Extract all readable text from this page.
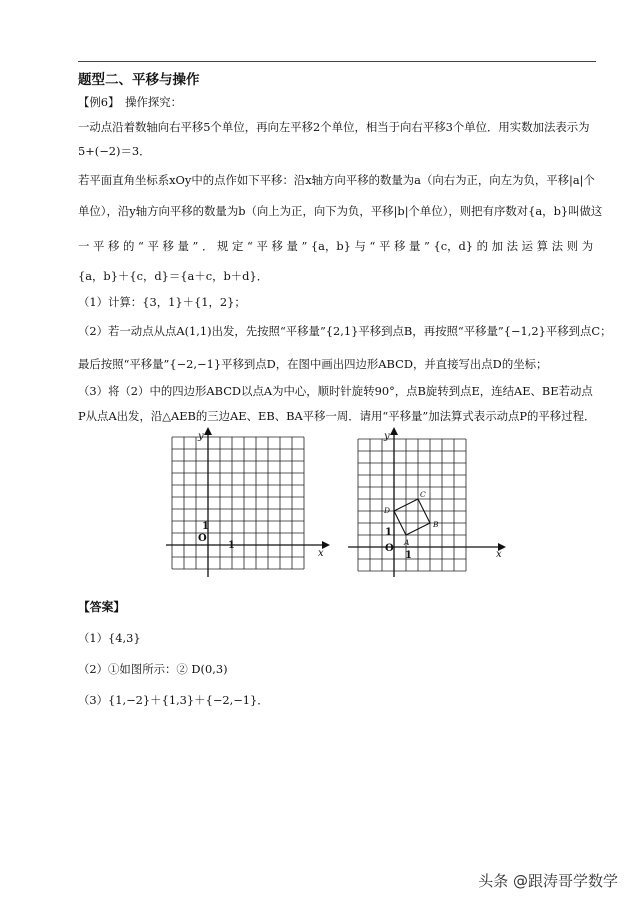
题型二、平移与操作
【例6】　操作探究：
一动点沿着数轴向右平移5个单位，再向左平移2个单位，相当于向右平移3个单位．用实数加法表示为
5+(−2)＝3．
若平面直角坐标系xOy中的点作如下平移：沿x轴方向平移的数量为a（向右为正，向左为负，平移|a|个
单位），沿y轴方向平移的数量为b（向上为正，向下为负，平移|b|个单位），则把有序数对{a，b}叫做这
一 平 移 的 “ 平 移 量 ” ． 规 定 “ 平 移 量 ” {a，b} 与 “ 平 移 量 ” {c，d} 的 加 法 运 算 法 则 为
{a，b}＋{c，d}＝{a＋c，b＋d}．
（1）计算：{3，1}＋{1，2}；
（2）若一动点从点A(1,1)出发，先按照“平移量”{2,1}平移到点B，再按照“平移量”{−1,2}平移到点C；
最后按照“平移量”{−2,−1}平移到点D，在图中画出四边形ABCD，并直接写出点D的坐标；
（3）将（2）中的四边形ABCD以点A为中心，顺时针旋转90°，点B旋转到点E，连结AE、BE若动点
P从点A出发，沿△AEB的三边AE、EB、BA平移一周．请用“平移量”加法算式表示动点P的平移过程．
x
y
O
1
1
x
y
O
1
1
A
B
C
D
【答案】
（1）{4,3}
（2）①如图所示：② D(0,3)
（3）{1,−2}＋{1,3}＋{−2,−1}．
头条 @跟涛哥学数学
